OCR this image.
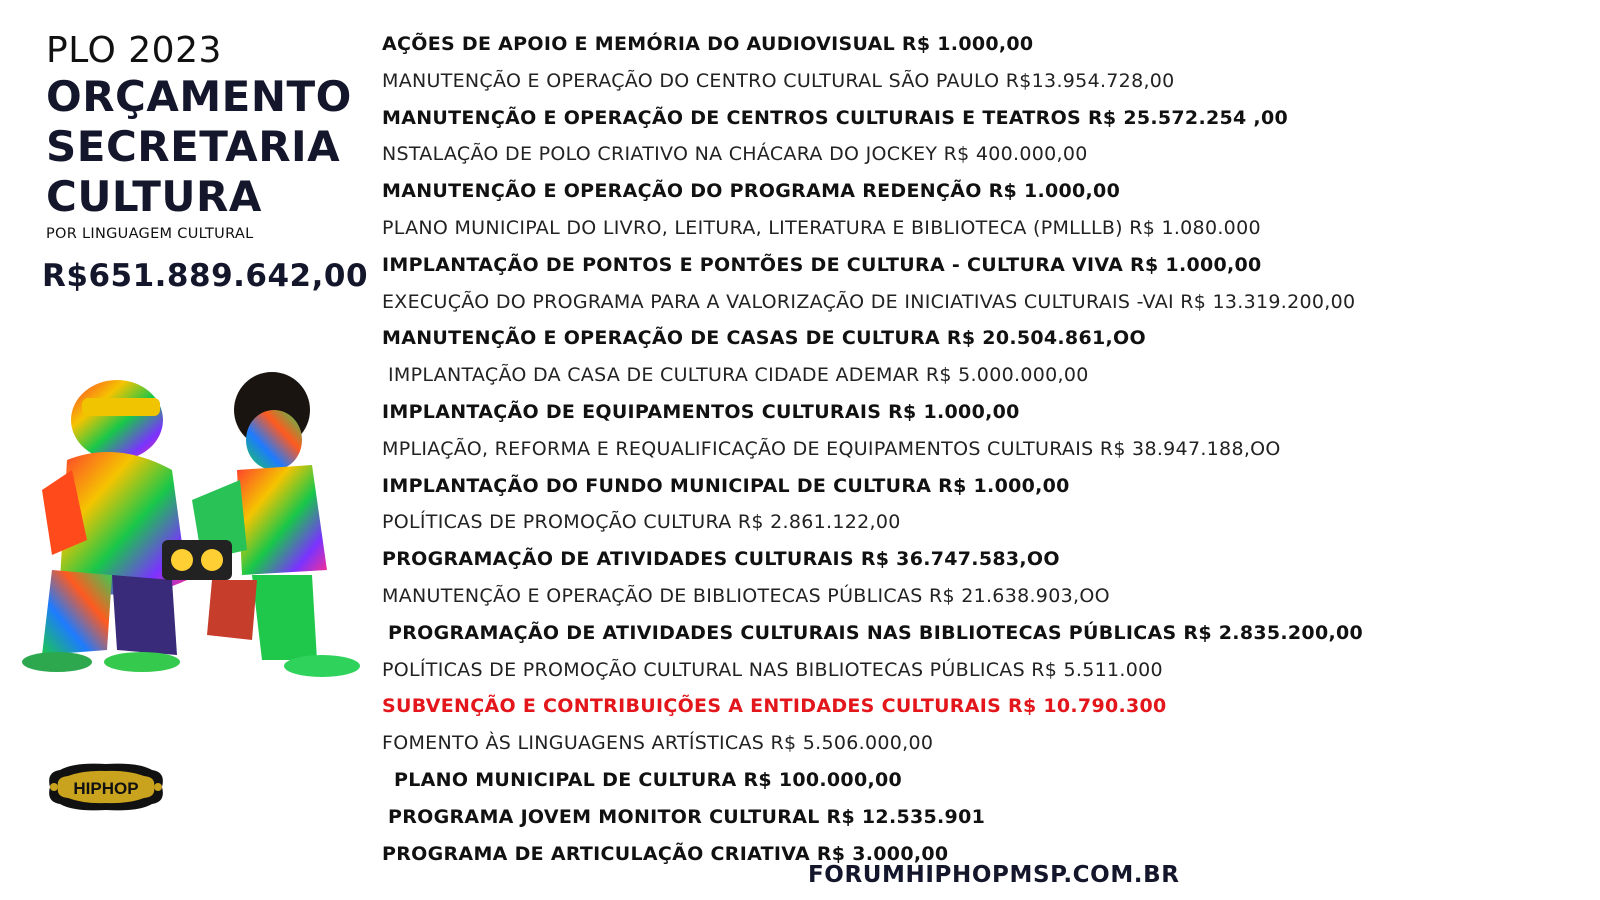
PLO 2023
ORÇAMENTO
SECRETARIA
CULTURA
POR LINGUAGEM CULTURAL
R$651.889.642,00
HIPHOP
AÇÕES DE APOIO E MEMÓRIA DO AUDIOVISUAL R$ 1.000,00
MANUTENÇÃO E OPERAÇÃO DO CENTRO CULTURAL SÃO PAULO R$13.954.728,00
MANUTENÇÃO E OPERAÇÃO DE CENTROS CULTURAIS E TEATROS R$ 25.572.254 ,00
NSTALAÇÃO DE POLO CRIATIVO NA CHÁCARA DO JOCKEY R$ 400.000,00
MANUTENÇÃO E OPERAÇÃO DO PROGRAMA REDENÇÃO R$ 1.000,00
PLANO MUNICIPAL DO LIVRO, LEITURA, LITERATURA E BIBLIOTECA (PMLLLB) R$ 1.080.000
IMPLANTAÇÃO DE PONTOS E PONTÕES DE CULTURA - CULTURA VIVA R$ 1.000,00
EXECUÇÃO DO PROGRAMA PARA A VALORIZAÇÃO DE INICIATIVAS CULTURAIS -VAI R$ 13.319.200,00
MANUTENÇÃO E OPERAÇÃO DE CASAS DE CULTURA R$ 20.504.861,OO
IMPLANTAÇÃO DA CASA DE CULTURA CIDADE ADEMAR R$ 5.000.000,00
IMPLANTAÇÃO DE EQUIPAMENTOS CULTURAIS R$ 1.000,00
MPLIAÇÃO, REFORMA E REQUALIFICAÇÃO DE EQUIPAMENTOS CULTURAIS R$ 38.947.188,OO
IMPLANTAÇÃO DO FUNDO MUNICIPAL DE CULTURA R$ 1.000,00
POLÍTICAS DE PROMOÇÃO CULTURA R$ 2.861.122,00
PROGRAMAÇÃO DE ATIVIDADES CULTURAIS R$ 36.747.583,OO
MANUTENÇÃO E OPERAÇÃO DE BIBLIOTECAS PÚBLICAS R$ 21.638.903,OO
PROGRAMAÇÃO DE ATIVIDADES CULTURAIS NAS BIBLIOTECAS PÚBLICAS R$ 2.835.200,00
POLÍTICAS DE PROMOÇÃO CULTURAL NAS BIBLIOTECAS PÚBLICAS R$ 5.511.000
SUBVENÇÃO E CONTRIBUIÇÕES A ENTIDADES CULTURAIS R$ 10.790.300
FOMENTO ÀS LINGUAGENS ARTÍSTICAS R$ 5.506.000,00
PLANO MUNICIPAL DE CULTURA R$ 100.000,00
PROGRAMA JOVEM MONITOR CULTURAL R$ 12.535.901
PROGRAMA DE ARTICULAÇÃO CRIATIVA R$ 3.000,00
FORUMHIPHOPMSP.COM.BR
